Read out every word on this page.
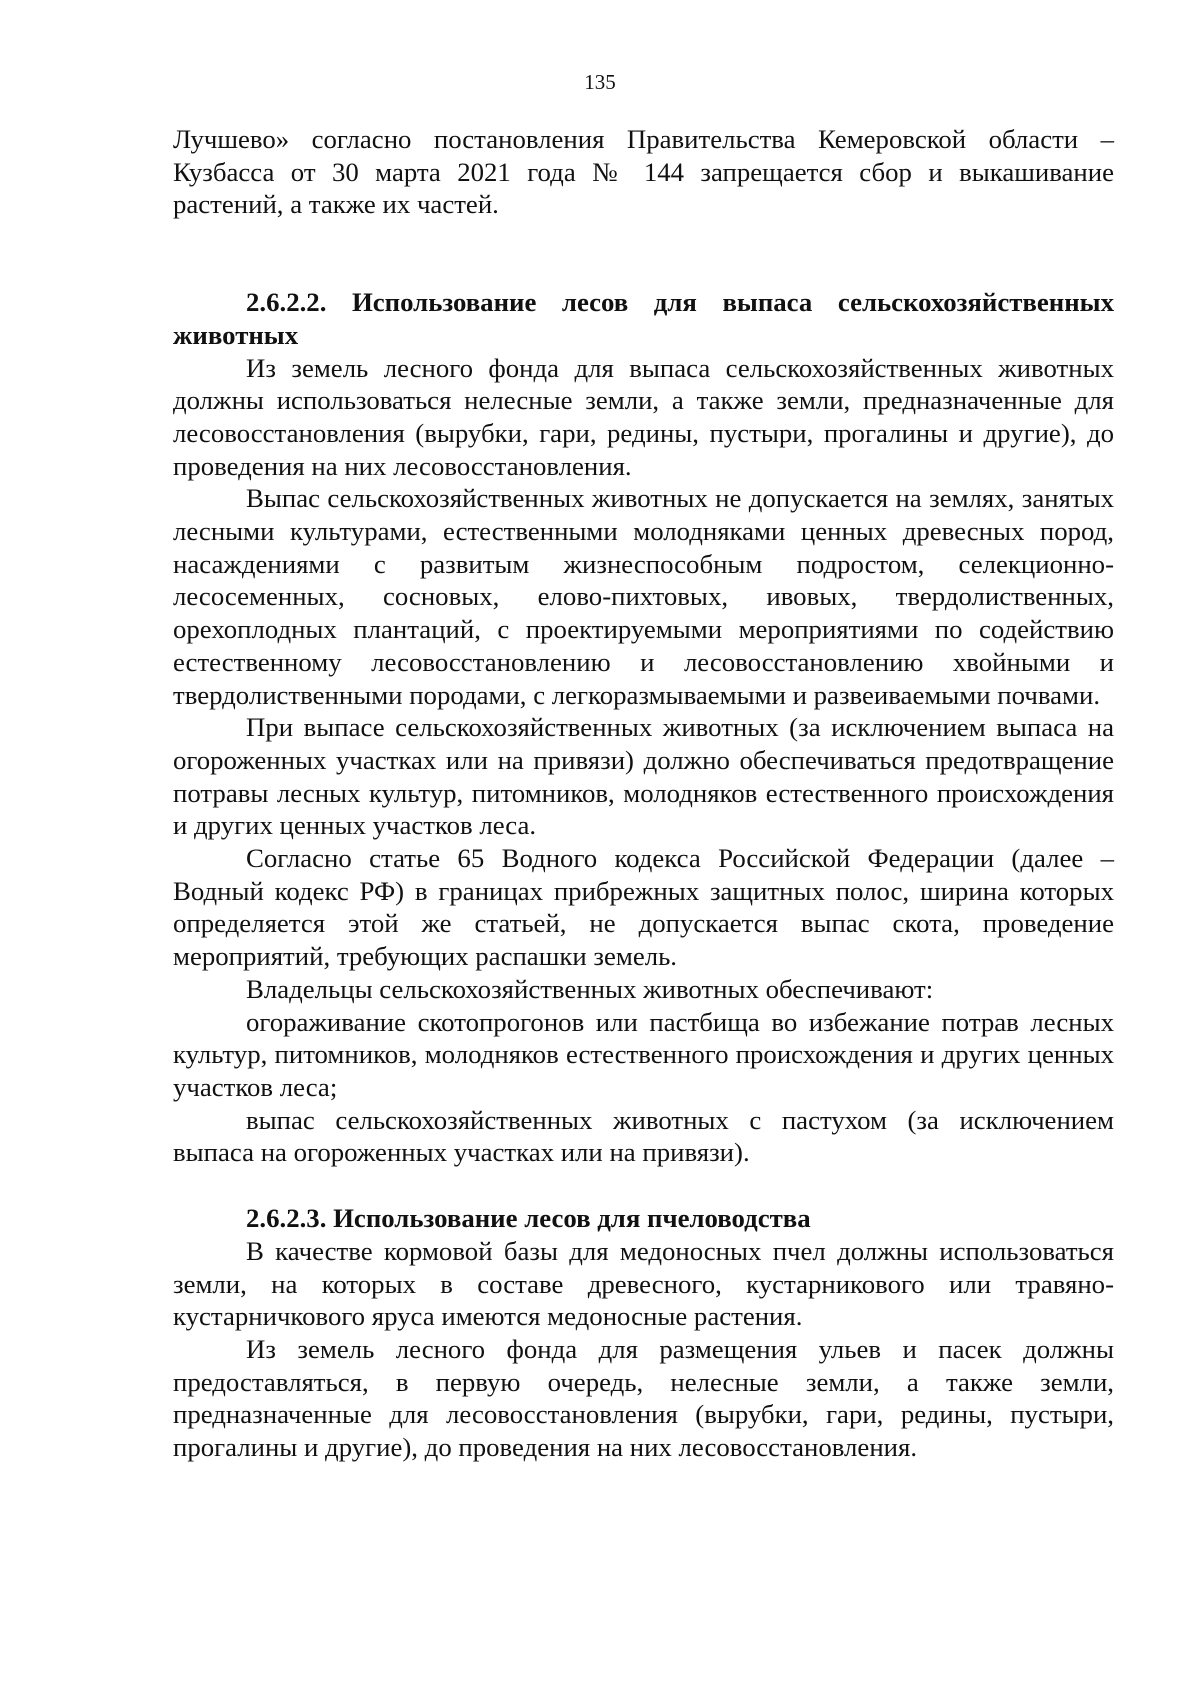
135

Лучшево» согласно постановления Правительства Кемеровской области – Кузбасса от 30 марта 2021 года № 144 запрещается сбор и выкашивание растений, а также их частей.

2.6.2.2. Использование лесов для выпаса сельскохозяйственных животных

Из земель лесного фонда для выпаса сельскохозяйственных животных должны использоваться нелесные земли, а также земли, предназначенные для лесовосстановления (вырубки, гари, редины, пустыри, прогалины и другие), до проведения на них лесовосстановления.

Выпас сельскохозяйственных животных не допускается на землях, занятых лесными культурами, естественными молодняками ценных древесных пород, насаждениями с развитым жизнеспособным подростом, селекционно-лесосеменных, сосновых, елово-пихтовых, ивовых, твердолиственных, орехоплодных плантаций, с проектируемыми мероприятиями по содействию естественному лесовосстановлению и лесовосстановлению хвойными и твердолиственными породами, с легкоразмываемыми и развеиваемыми почвами.

При выпасе сельскохозяйственных животных (за исключением выпаса на огороженных участках или на привязи) должно обеспечиваться предотвращение потравы лесных культур, питомников, молодняков естественного происхождения и других ценных участков леса.

Согласно статье 65 Водного кодекса Российской Федерации (далее – Водный кодекс РФ) в границах прибрежных защитных полос, ширина которых определяется этой же статьей, не допускается выпас скота, проведение мероприятий, требующих распашки земель.

Владельцы сельскохозяйственных животных обеспечивают:

огораживание скотопрогонов или пастбища во избежание потрав лесных культур, питомников, молодняков естественного происхождения и других ценных участков леса;

выпас сельскохозяйственных животных с пастухом (за исключением выпаса на огороженных участках или на привязи).

2.6.2.3. Использование лесов для пчеловодства

В качестве кормовой базы для медоносных пчел должны использоваться земли, на которых в составе древесного, кустарникового или травяно-кустарничкового яруса имеются медоносные растения.

Из земель лесного фонда для размещения ульев и пасек должны предоставляться, в первую очередь, нелесные земли, а также земли, предназначенные для лесовосстановления (вырубки, гари, редины, пустыри, прогалины и другие), до проведения на них лесовосстановления.
